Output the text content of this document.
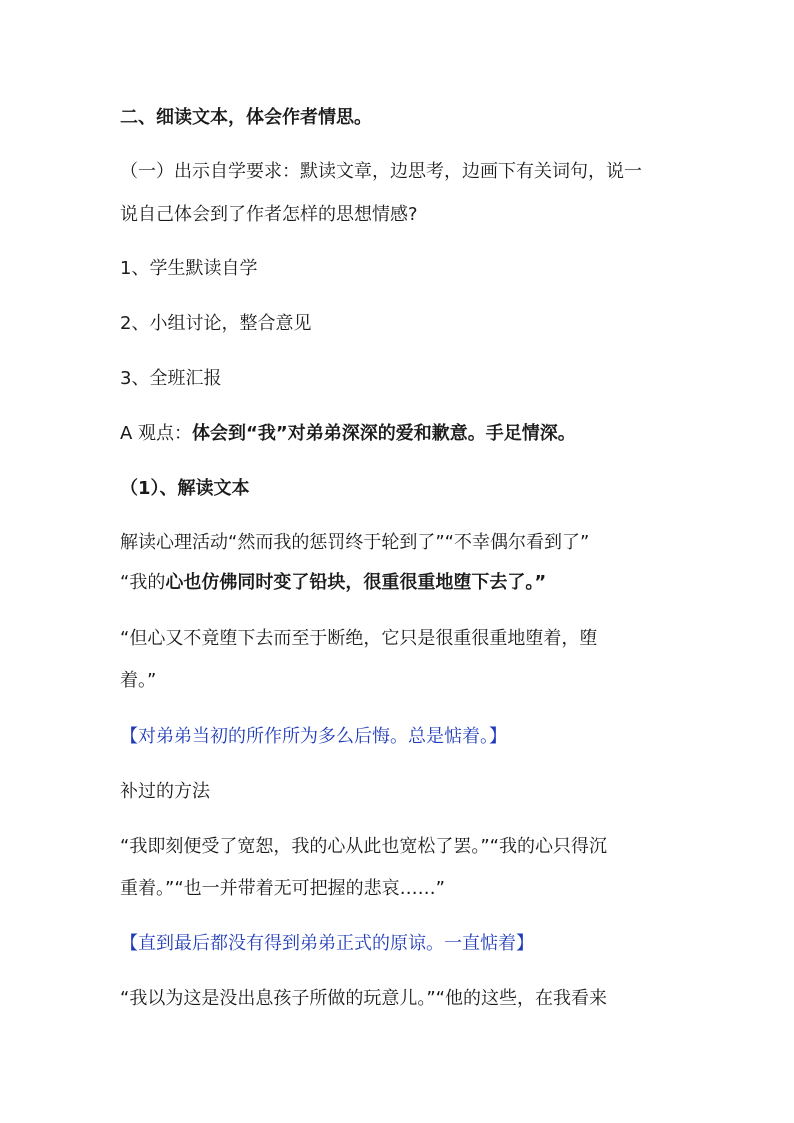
二、细读文本，体会作者情思。
（一）出示自学要求：默读文章，边思考，边画下有关词句，说一
说自己体会到了作者怎样的思想情感?
1、学生默读自学
2、小组讨论，整合意见
3、全班汇报
A 观点：体会到“我”对弟弟深深的爱和歉意。手足情深。
（1）、解读文本
解读心理活动“然而我的惩罚终于轮到了”“不幸偶尔看到了”
“我的心也仿佛同时变了铅块，很重很重地堕下去了。”
“但心又不竟堕下去而至于断绝，它只是很重很重地堕着，堕
着。”
【对弟弟当初的所作所为多么后悔。总是惦着。】
补过的方法
“我即刻便受了宽恕，我的心从此也宽松了罢。”“我的心只得沉
重着。”“也一并带着无可把握的悲哀……”
【直到最后都没有得到弟弟正式的原谅。一直惦着】
“我以为这是没出息孩子所做的玩意儿。”“他的这些，在我看来
